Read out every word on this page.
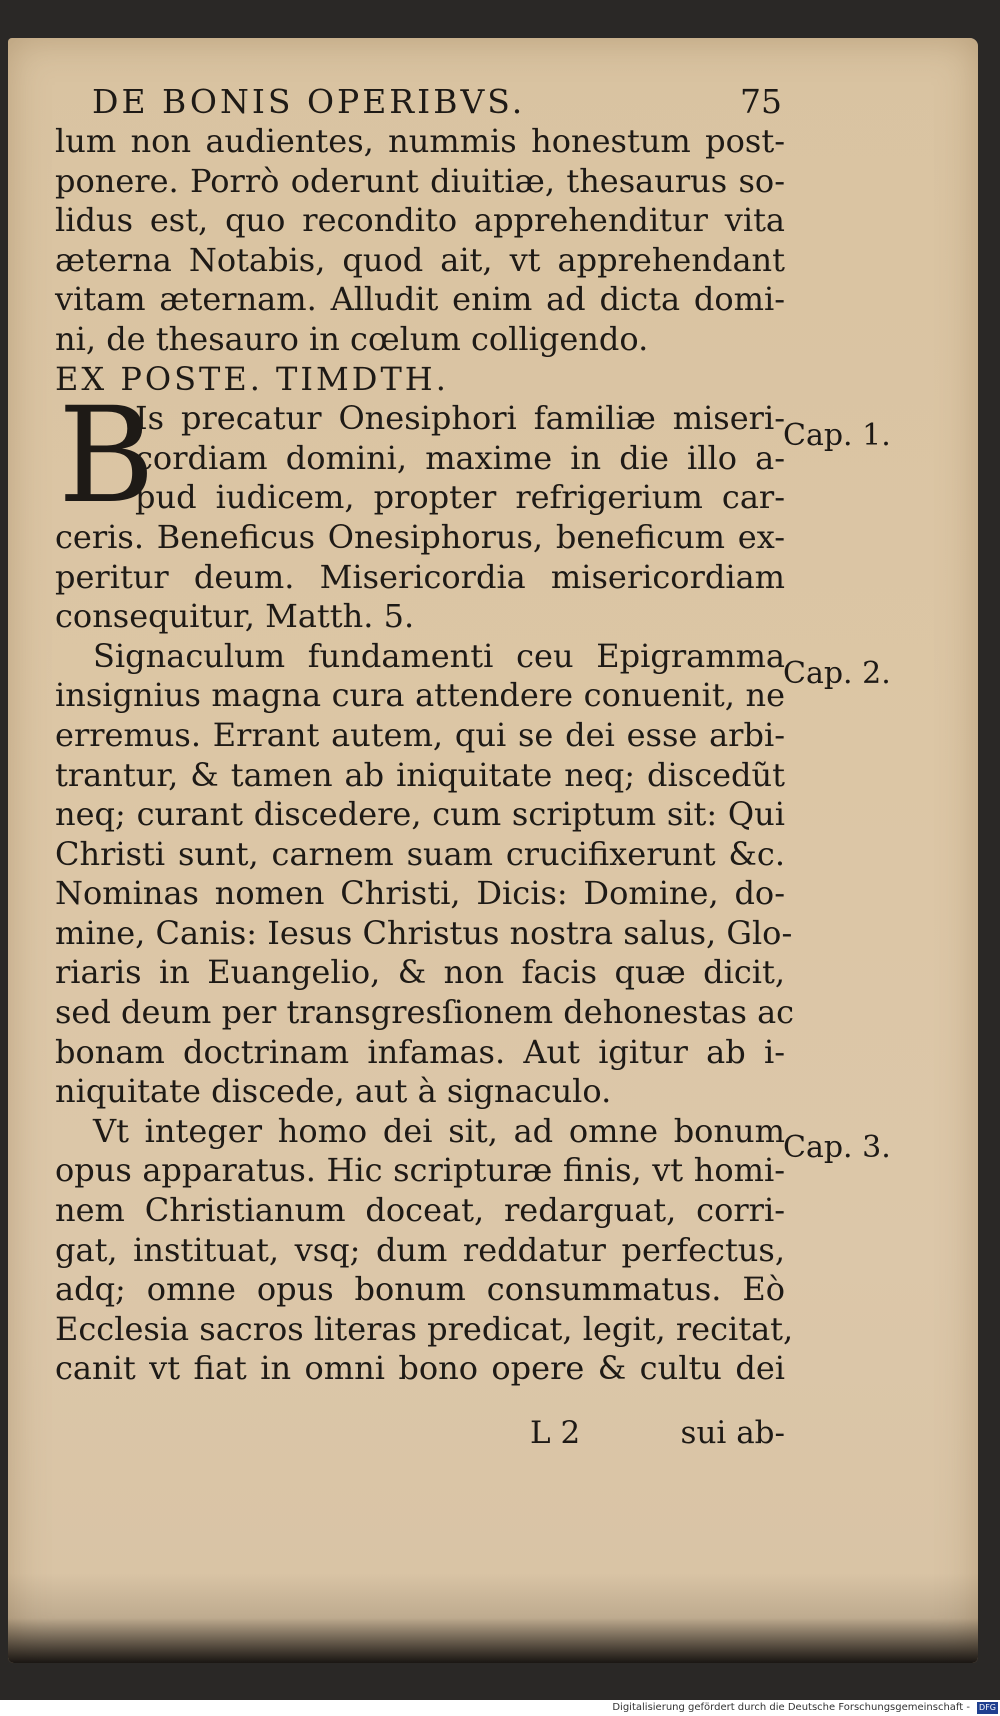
DE BONIS OPERIBVS.	75
lum non audientes, nummis honestum post-
ponere. Porrò oderunt diuitiæ, thesaurus so-
lidus est, quo recondito apprehenditur vita
æterna Notabis, quod ait, vt apprehendant
vitam æternam. Alludit enim ad dicta domi-
ni, de thesauro in cœlum colligendo.
EX POSTE. TIMDTH.
B
Is precatur Onesiphori familiæ miseri-
cordiam domini, maxime in die illo a-
pud iudicem, propter refrigerium car-
ceris. Beneficus Onesiphorus, beneficum ex-
peritur deum. Misericordia misericordiam
consequitur, Matth. 5.
Signaculum fundamenti ceu Epigramma
insignius magna cura attendere conuenit, ne
erremus. Errant autem, qui se dei esse arbi-
trantur, & tamen ab iniquitate neq; discedũt
neq; curant discedere, cum scriptum sit: Qui
Christi sunt, carnem suam crucifixerunt &c.
Nominas nomen Christi, Dicis: Domine, do-
mine, Canis: Iesus Christus nostra salus, Glo-
riaris in Euangelio, & non facis quæ dicit,
sed deum per transgresſionem dehonestas ac
bonam doctrinam infamas. Aut igitur ab i-
niquitate discede, aut à signaculo.
Vt integer homo dei sit, ad omne bonum
opus apparatus. Hic scripturæ finis, vt homi-
nem Christianum doceat, redarguat, corri-
gat, instituat, vsq; dum reddatur perfectus,
adq; omne opus bonum consummatus. Eò
Ecclesia sacros literas predicat, legit, recitat,
canit vt fiat in omni bono opere & cultu dei
Cap. 1.
Cap. 2.
Cap. 3.
L 2	sui ab-
Digitalisierung gefördert durch die Deutsche Forschungsgemeinschaft - DFG
